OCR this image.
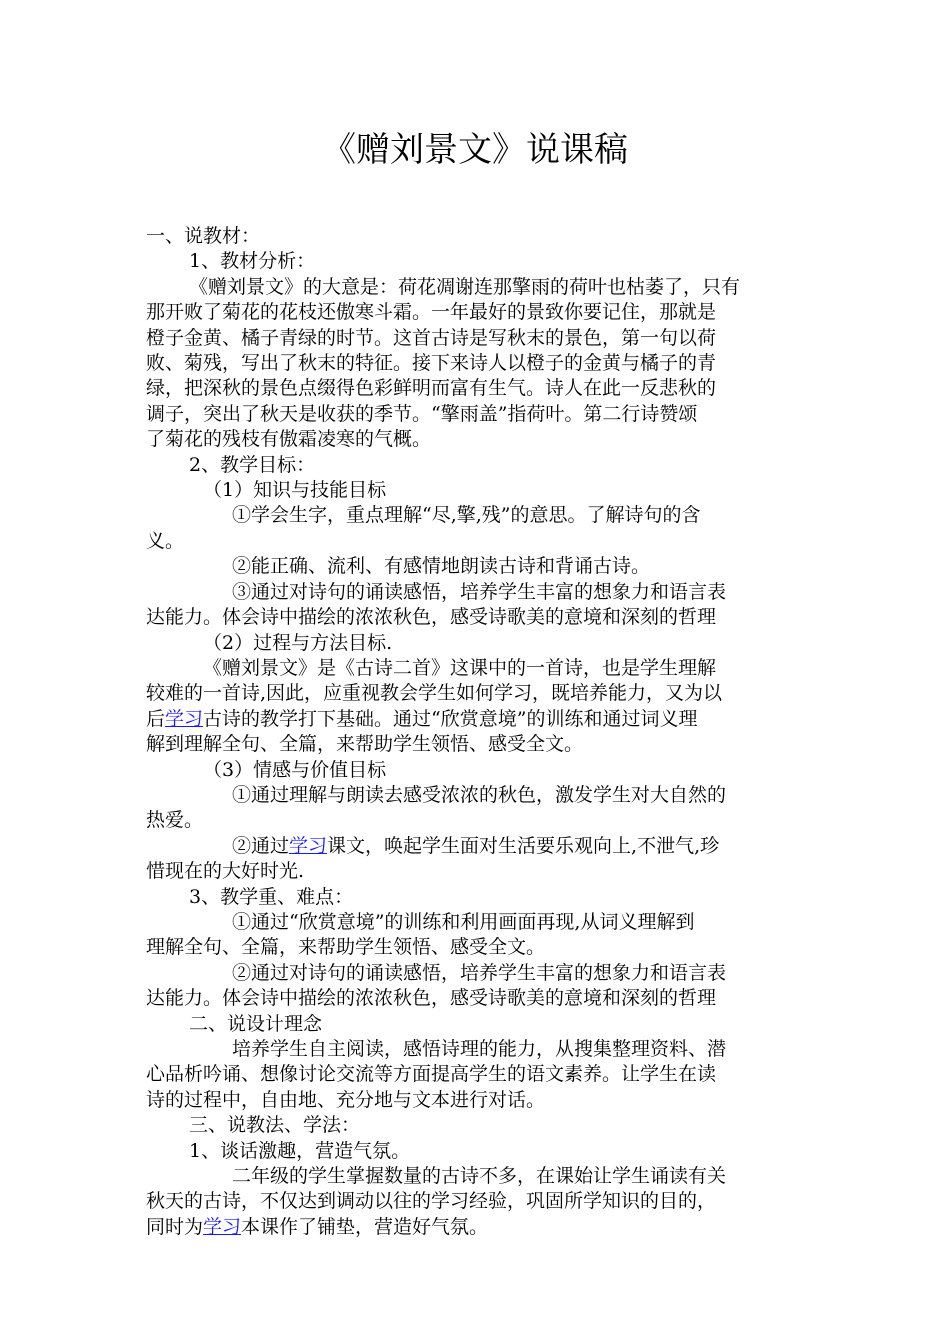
《赠刘景文》说课稿

一、说教材：

1、教材分析：

《赠刘景文》的大意是：荷花凋谢连那擎雨的荷叶也枯萎了，只有

那开败了菊花的花枝还傲寒斗霜。一年最好的景致你要记住，那就是

橙子金黄、橘子青绿的时节。这首古诗是写秋末的景色，第一句以荷

败、菊残，写出了秋末的特征。接下来诗人以橙子的金黄与橘子的青

绿，把深秋的景色点缀得色彩鲜明而富有生气。诗人在此一反悲秋的

调子，突出了秋天是收获的季节。“擎雨盖”指荷叶。第二行诗赞颂

了菊花的残枝有傲霜凌寒的气概。

2、教学目标：

（1）知识与技能目标

①学会生字，重点理解“尽,擎,残”的意思。了解诗句的含

义。

②能正确、流利、有感情地朗读古诗和背诵古诗。

③通过对诗句的诵读感悟，培养学生丰富的想象力和语言表

达能力。体会诗中描绘的浓浓秋色，感受诗歌美的意境和深刻的哲理

（2）过程与方法目标.

《赠刘景文》是《古诗二首》这课中的一首诗，也是学生理解

较难的一首诗,因此，应重视教会学生如何学习，既培养能力，又为以

后学习古诗的教学打下基础。通过“欣赏意境”的训练和通过词义理

解到理解全句、全篇，来帮助学生领悟、感受全文。

（3）情感与价值目标

①通过理解与朗读去感受浓浓的秋色，激发学生对大自然的

热爱。

②通过学习课文，唤起学生面对生活要乐观向上,不泄气,珍

惜现在的大好时光.

3、教学重、难点：

①通过“欣赏意境”的训练和利用画面再现,从词义理解到

理解全句、全篇，来帮助学生领悟、感受全文。

②通过对诗句的诵读感悟，培养学生丰富的想象力和语言表

达能力。体会诗中描绘的浓浓秋色，感受诗歌美的意境和深刻的哲理

二、说设计理念

培养学生自主阅读，感悟诗理的能力，从搜集整理资料、潜

心品析吟诵、想像讨论交流等方面提高学生的语文素养。让学生在读

诗的过程中，自由地、充分地与文本进行对话。

三、说教法、学法：

1、谈话激趣，营造气氛。

二年级的学生掌握数量的古诗不多，在课始让学生诵读有关

秋天的古诗，不仅达到调动以往的学习经验，巩固所学知识的目的，

同时为学习本课作了铺垫，营造好气氛。
